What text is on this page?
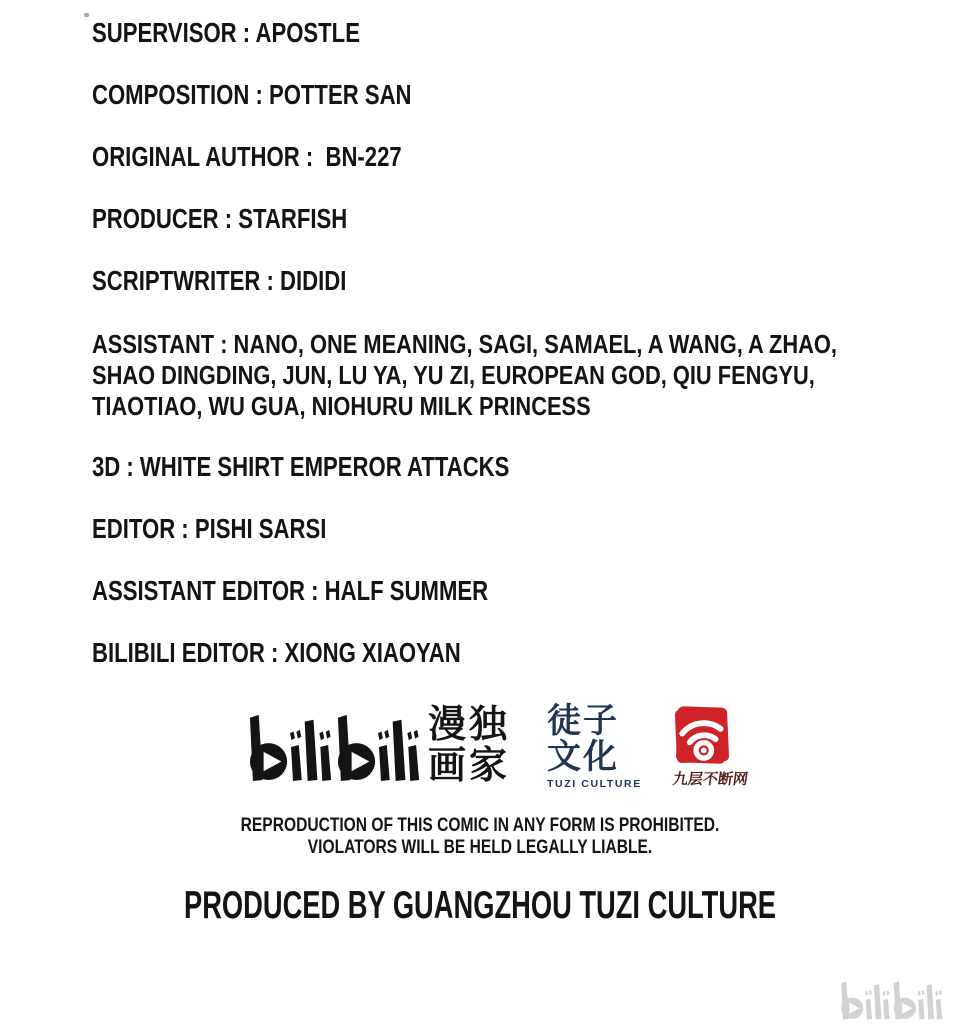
SUPERVISOR : APOSTLE

COMPOSITION : POTTER SAN

ORIGINAL AUTHOR :  BN-227

PRODUCER : STARFISH

SCRIPTWRITER : DIDIDI

ASSISTANT : NANO, ONE MEANING, SAGI, SAMAEL, A WANG, A ZHAO, SHAO DINGDING, JUN, LU YA, YU ZI, EUROPEAN GOD, QIU FENGYU, TIAOTIAO, WU GUA, NIOHURU MILK PRINCESS

3D : WHITE SHIRT EMPEROR ATTACKS

EDITOR : PISHI SARSI

ASSISTANT EDITOR : HALF SUMMER

BILIBILI EDITOR : XIONG XIAOYAN

漫独
画家
徒子
文化
TUZI CULTURE 九层不断网

REPRODUCTION OF THIS COMIC IN ANY FORM IS PROHIBITED.

VIOLATORS WILL BE HELD LEGALLY LIABLE.

PRODUCED BY GUANGZHOU TUZI CULTURE
